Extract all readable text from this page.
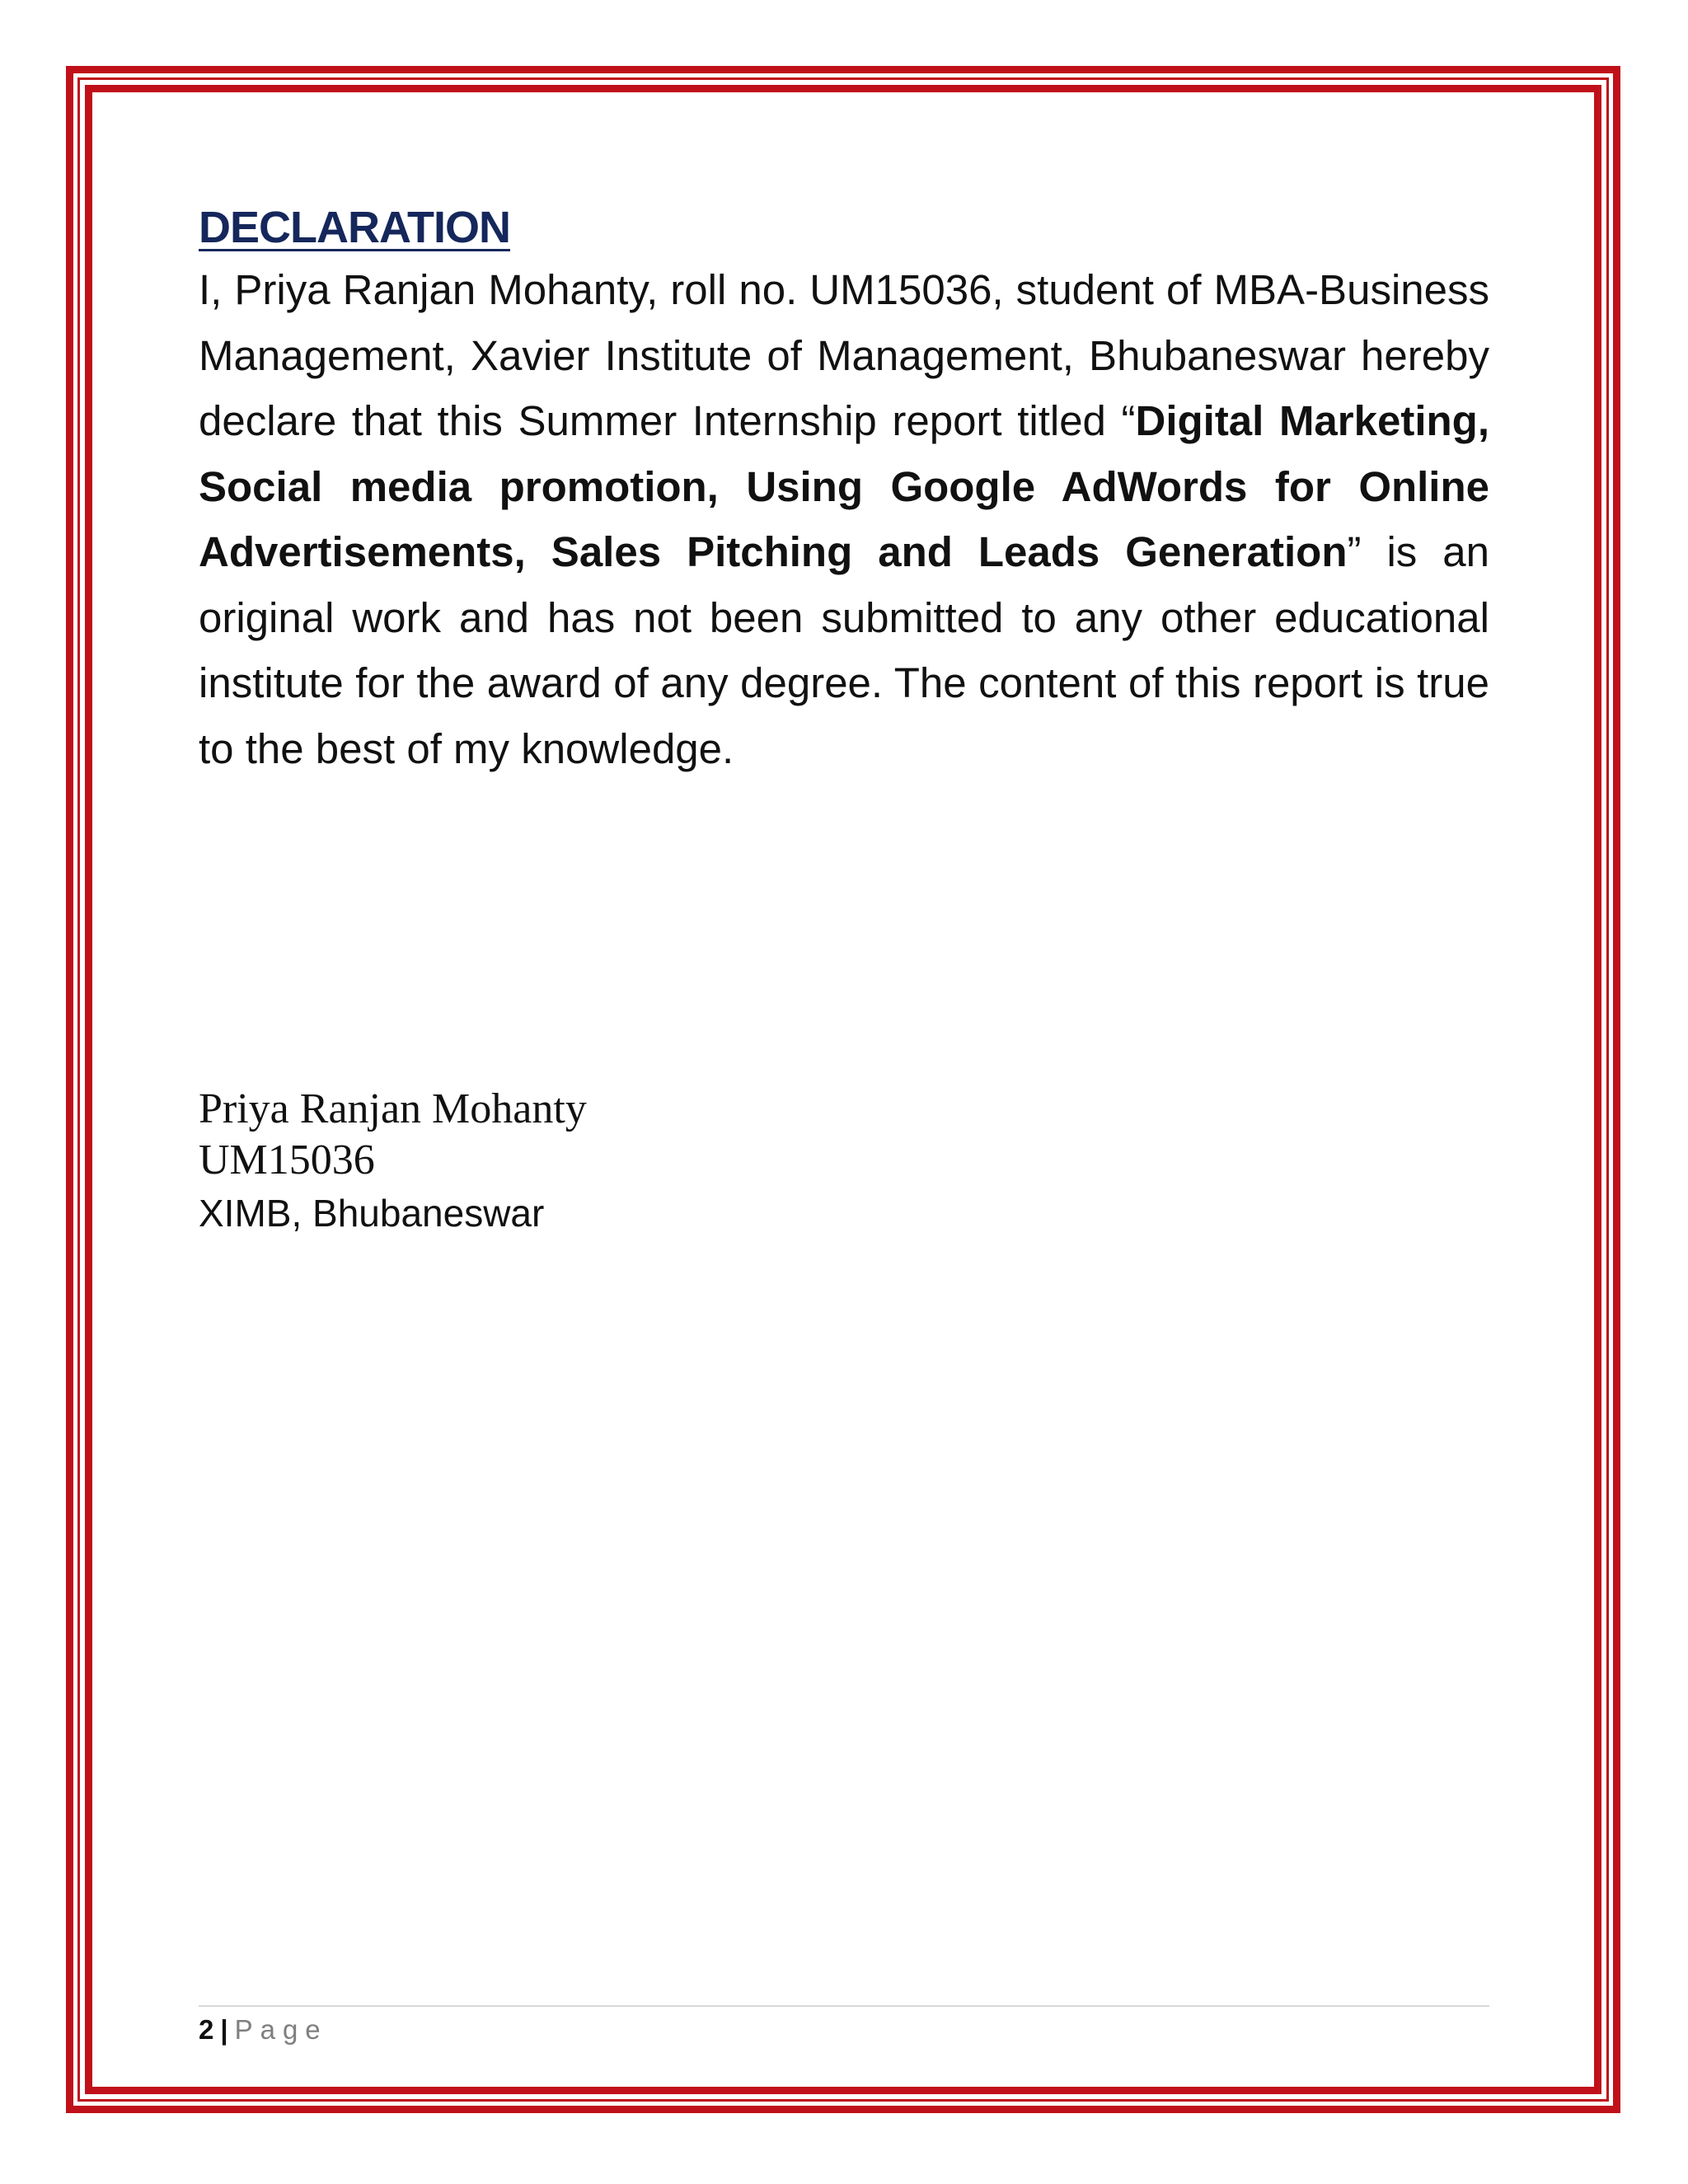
DECLARATION

I, Priya Ranjan Mohanty, roll no. UM15036, student of MBA-Business Management, Xavier Institute of Management, Bhubaneswar hereby declare that this Summer Internship report titled “Digital Marketing, Social media promotion, Using Google AdWords for Online Advertisements, Sales Pitching and Leads Generation” is an original work and has not been submitted to any other educational institute for the award of any degree. The content of this report is true to the best of my knowledge.

Priya Ranjan Mohanty
UM15036
XIMB, Bhubaneswar
2 | Page
